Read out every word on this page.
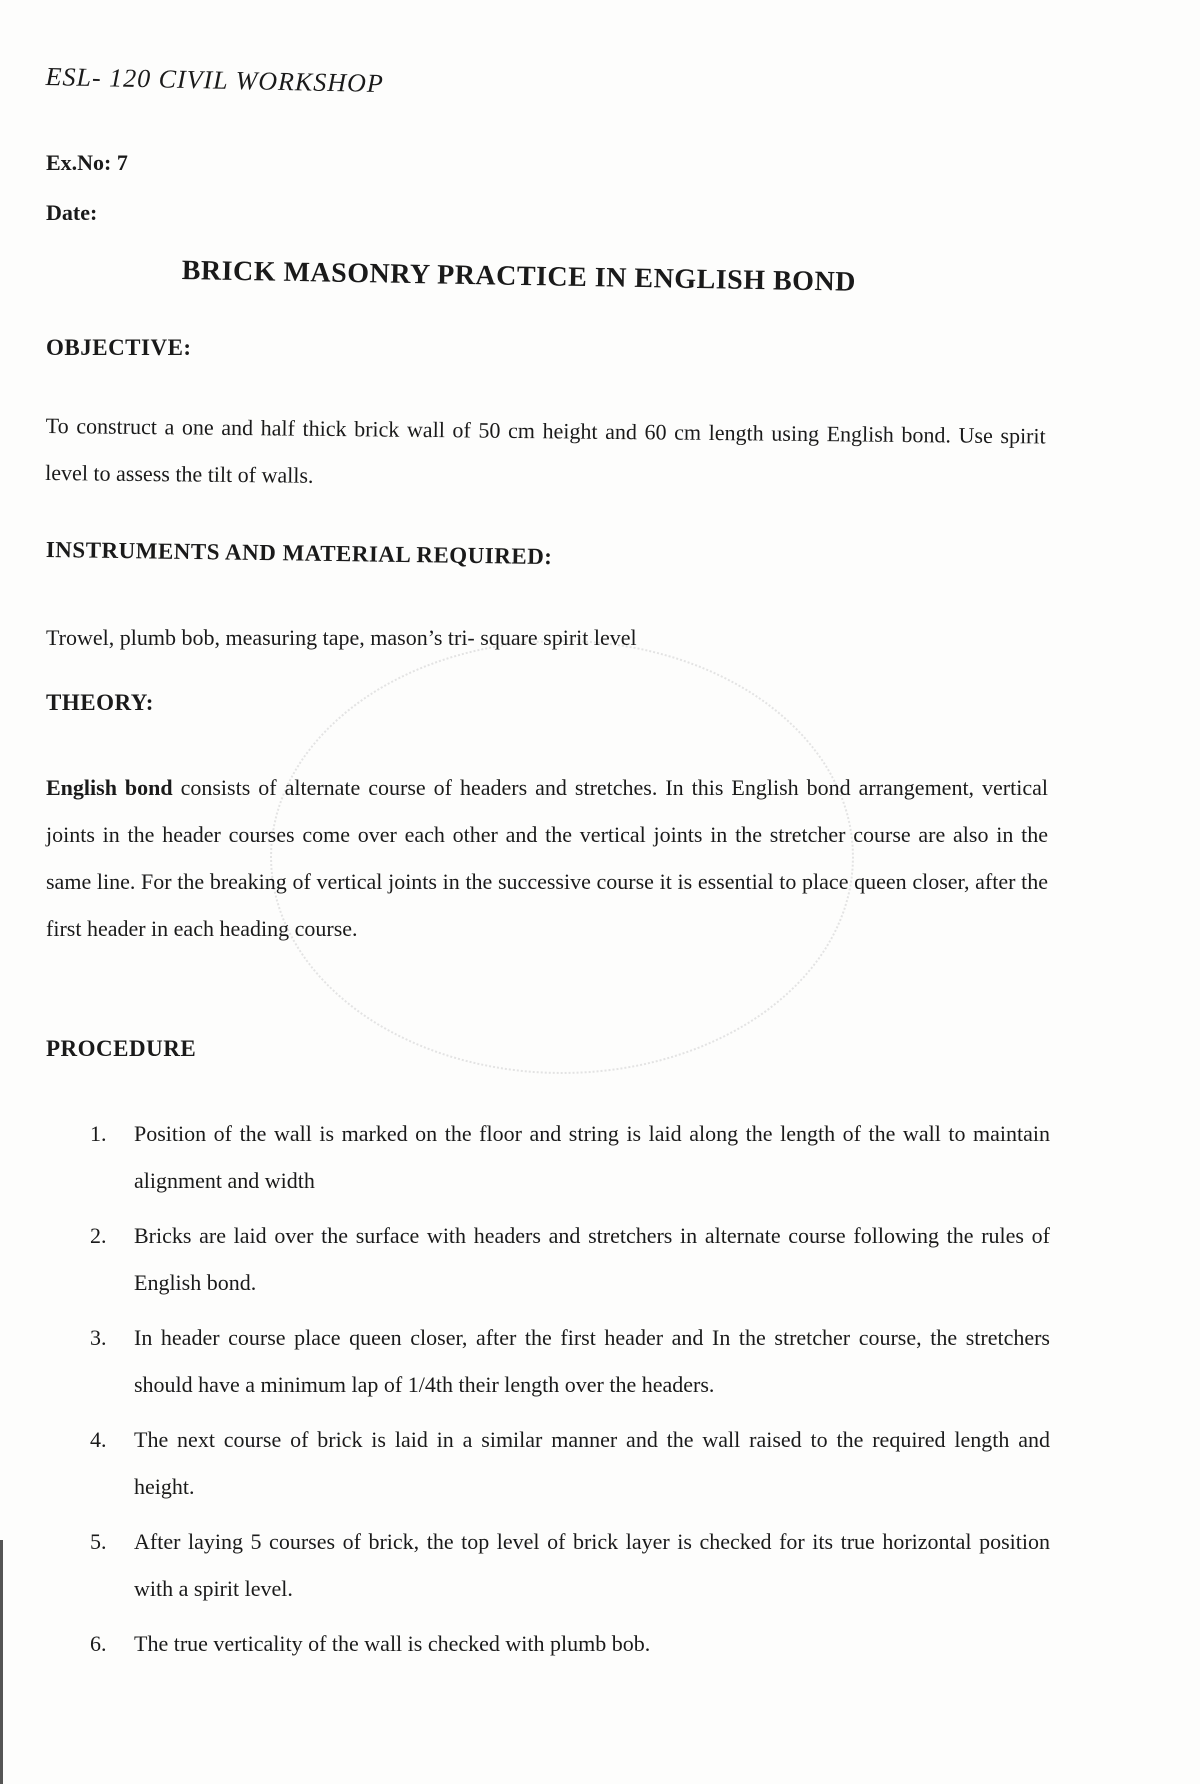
ESL- 120 CIVIL WORKSHOP
Ex.No: 7
Date:
BRICK MASONRY PRACTICE IN ENGLISH BOND
OBJECTIVE:
To construct a one and half thick brick wall of 50 cm height and 60 cm length using English bond. Use spirit level to assess the tilt of walls.
INSTRUMENTS AND MATERIAL REQUIRED:
Trowel, plumb bob, measuring tape, mason’s tri- square spirit level
THEORY:
English bond consists of alternate course of headers and stretches. In this English bond arrangement, vertical joints in the header courses come over each other and the vertical joints in the stretcher course are also in the same line. For the breaking of vertical joints in the successive course it is essential to place queen closer, after the first header in each heading course.
PROCEDURE
1. Position of the wall is marked on the floor and string is laid along the length of the wall to maintain alignment and width
2. Bricks are laid over the surface with headers and stretchers in alternate course following the rules of English bond.
3. In header course place queen closer, after the first header and In the stretcher course, the stretchers should have a minimum lap of 1/4th their length over the headers.
4. The next course of brick is laid in a similar manner and the wall raised to the required length and height.
5. After laying 5 courses of brick, the top level of brick layer is checked for its true horizontal position with a spirit level.
6. The true verticality of the wall is checked with plumb bob.
